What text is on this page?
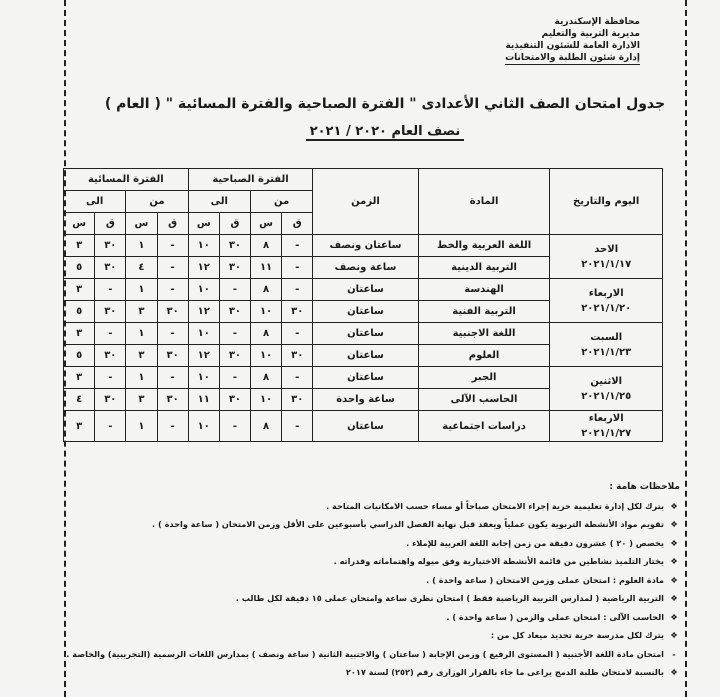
محافظة الإسكندرية
مديرية التربية والتعليم
الادارة العامة للشئون التنفيذية
إدارة شئون الطلبة والامتحانات
جدول امتحان الصف الثاني الأعدادى " الفترة الصباحية والفترة المسائية " ( العام )
نصف العام ٢٠٢٠ / ٢٠٢١
اليوم والتاريخ	المادة	الزمن	الفترة الصباحية				الفترة المسائية			
			من		الى		من		الى	
			ق	س	ق	س	ق	س	ق	س

الاحد
٢٠٢١/١/١٧	اللغة العربية والخط	ساعتان ونصف	-	٨	٣٠	١٠	-	١	٣٠	٣
	التربية الدينية	ساعة ونصف	-	١١	٣٠	١٢	-	٤	٣٠	٥

الاربعاء
٢٠٢١/١/٢٠	الهندسة	ساعتان	-	٨	-	١٠	-	١	-	٣
	التربية الفنية	ساعتان	٣٠	١٠	٣٠	١٢	٣٠	٣	٣٠	٥

السبت
٢٠٢١/١/٢٣	اللغة الاجنبية	ساعتان	-	٨	-	١٠	-	١	-	٣
	العلوم	ساعتان	٣٠	١٠	٣٠	١٢	٣٠	٣	٣٠	٥

الاثنين
٢٠٢١/١/٢٥	الجبر	ساعتان	-	٨	-	١٠	-	١	-	٣
	الحاسب الآلى	ساعة واحدة	٣٠	١٠	٣٠	١١	٣٠	٣	٣٠	٤

الاربعاء
٢٠٢١/١/٢٧	دراسات اجتماعية	ساعتان	-	٨	-	١٠	-	١	-	٣
ملاحظات هامة :
❖يترك لكل إدارة تعليمية حرية إجراء الامتحان صباحاً أو مساء حسب الامكانيات المتاحة .
❖تقويم مواد الأنشطة التربوية يكون عملياً ويعقد قبل نهاية الفصل الدراسي بأسبوعين على الأقل وزمن الامتحان ( ساعة واحدة ) .
❖يخصص ( ٢٠ ) عشرون دقيقة من زمن إجابة اللغة العربية للإملاء .
❖يختار التلميذ نشاطين من قائمة الأنشطة الاختيارية وفق ميوله واهتماماته وقدراته .
❖مادة العلوم : امتحان عملى وزمن الامتحان ( ساعة واحدة ) .
❖التربية الرياضية ( لمدارس التربية الرياضية فقط ) امتحان نظرى ساعة وامتحان عملى ١٥ دقيقة لكل طالب .
❖الحاسب الآلى : امتحان عملى والزمن ( ساعة واحدة ) .
❖يترك لكل مدرسة حرية تحديد ميعاد كل من :
-امتحان مادة اللغة الأجنبية ( المستوى الرفيع ) وزمن الإجابة ( ساعتان ) والاجنبية الثانية ( ساعة ونصف ) بمدارس اللغات الرسمية (التجريبية) والخاصة .
❖بالنسبة لامتحان طلبة الدمج يراعى ما جاء بالقرار الوزارى رقم (٢٥٢) لسنة ٢٠١٧
